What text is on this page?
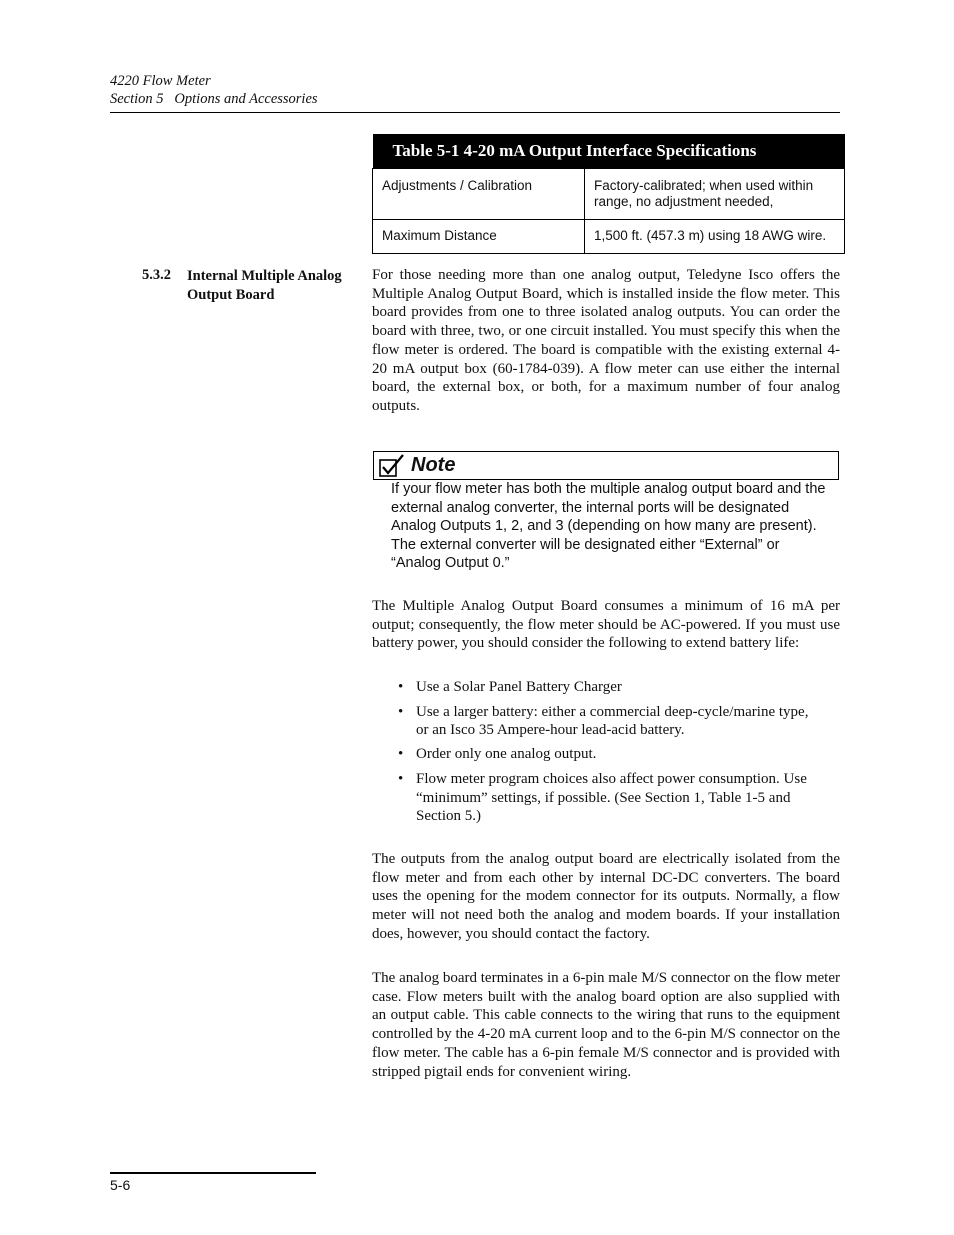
4220 Flow Meter
Section 5   Options and Accessories
Table 5-1 4-20 mA Output Interface Specifications	
Adjustments / Calibration	Factory-calibrated; when used within range, no adjustment needed,
Maximum Distance	1,500 ft. (457.3 m) using 18 AWG wire.
5.3.2 Internal Multiple Analog Output Board

For those needing more than one analog output, Teledyne Isco offers the Multiple Analog Output Board, which is installed inside the flow meter. This board provides from one to three isolated analog outputs. You can order the board with three, two, or one circuit installed. You must specify this when the flow meter is ordered. The board is compatible with the existing external 4-20 mA output box (60-1784-039). A flow meter can use either the internal board, the external box, or both, for a maximum number of four analog outputs.

Note

If your flow meter has both the multiple analog output board and the external analog converter, the internal ports will be designated Analog Outputs 1, 2, and 3 (depending on how many are present). The external converter will be designated either “External” or “Analog Output 0.”

The Multiple Analog Output Board consumes a minimum of 16 mA per output; consequently, the flow meter should be AC-powered. If you must use battery power, you should consider the following to extend battery life:

• Use a Solar Panel Battery Charger
• Use a larger battery: either a commercial deep-cycle/marine type, or an Isco 35 Ampere-hour lead-acid battery.
• Order only one analog output.
• Flow meter program choices also affect power consumption. Use “minimum” settings, if possible. (See Section 1, Table 1-5 and Section 5.)

The outputs from the analog output board are electrically isolated from the flow meter and from each other by internal DC-DC converters. The board uses the opening for the modem connector for its outputs. Normally, a flow meter will not need both the analog and modem boards. If your installation does, however, you should contact the factory.

The analog board terminates in a 6-pin male M/S connector on the flow meter case. Flow meters built with the analog board option are also supplied with an output cable. This cable connects to the wiring that runs to the equipment controlled by the 4-20 mA current loop and to the 6-pin M/S connector on the flow meter. The cable has a 6-pin female M/S connector and is provided with stripped pigtail ends for convenient wiring.

5-6
